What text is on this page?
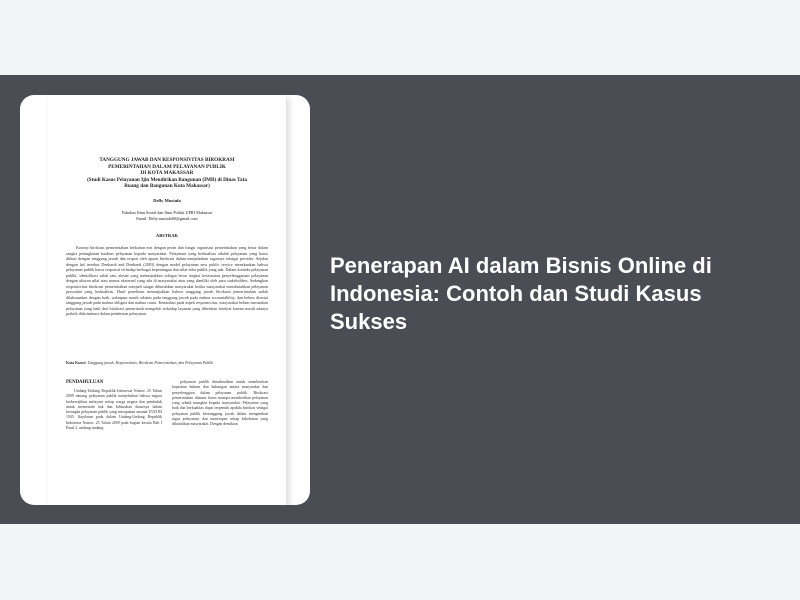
TANGGUNG JAWAB DAN RESPONSIVITAS BIROKRASI
PEMERINTAHAN DALAM PELAYANAN PUBLIK
DI KOTA MAKASSAR
(Studi Kasus Pelayanan Ijin Mendirikan Bangunan (IMB) di Dinas Tata
Ruang dan Bangunan Kota Makassar)
Delly Mustafa
Fakultas Ilmu Sosial dan Ilmu Politik UPRI Makassar
Email: Delly.mustafa00@gmail.com
ABSTRAK
Konsep birokrasi pemerintahan berkaitan erat dengan peran dan fungsi organisasi pemerintahan yang besar dalam rangka peningkatan kualitas pelayanan kepada masyarakat. Pelayanan yang berkualitas adalah pelayanan yang harus diikuti dengan tanggung jawab dan respon oleh aparat birokrasi dalam menjalankan tugasnya sebagai provider. Sejalan dengan hal tersebut Denhardt and Denhardt (2003) dengan model pelayanan new public service menekankan bahwa pelayanan publik harus responsif terhadap berbagai kepentingan dan nilai-nilai publik yang ada. Dalam konteks pelayanan publik, identifikasi salah satu alasan yang menunjukkan sebagai besar tingkat kesesuaian penyelenggaraan pelayanan dengan ukuran nilai atau norma eksternal yang ada di masyarakat atau yang dimiliki oleh para stakeholders. Sedangkan responsivitas birokrasi pemerintahan menjadi sangat dibutuhkan masyarakat ketika masyarakat membutuhkan pelayanan persoalan yang berkualitas. Hasil penelitian menunjukkan bahwa tanggung jawab birokrasi pemerintahan sudah dilaksanakan dengan baik, walaupun masih sebatas pada tanggung jawab pada makna accountability, dan belum disertai tanggung jawab pada makna obligasi dan makna cause. Kemudian pada aspek responsivitas, masyarakat belum merasakan pelayanan yang baik dari birokrasi pemerintah mengeluh terhadap layanan yang diberikan birokrat karena masih adanya praktik diskriminasi dalam pemberian pelayanan.
Kata Kunci: Tanggung jawab, Responsivitas, Birokrasi Pemerintahan, dan Pelayanan Publik
PENDAHULUAN
Undang-Undang Republik Indonesia Nomor. 25 Tahun 2009 tentang pelayanan publik menjelaskan bahwa negara berkewajiban melayani setiap warga negara dan penduduk untuk memenuhi hak dan kebutuhan dasarnya dalam kerangka pelayanan publik yang merupakan amanat UUD RI 1945. Kejelasan pada dalam Undang-Undang Republik Indonesia Nomor. 25 Tahun 2009 pada bagian kesatu Bab I Pasal 2, undang-undang
pelayanan publik dimaksudkan untuk memberikan kepastian hukum dan hubungan antara masyarakat dan penyelenggara dalam pelayanan publik. Birokrasi pemerintahan ditautut harus mampu memberikan pelayanan yang sebaik mungkin kepada masyarakat. Pelayanan yang baik dan berkualitas dapat terpenuhi apabila birokrat sebagai pelayanan publik bertanggung jawab dalam mengemban tugas pelayanan, dan menerapan setiap kebebasan yang dibutuhkan masyarakat. Dengan demikian
Penerapan AI dalam Bisnis Online di Indonesia: Contoh dan Studi Kasus Sukses
